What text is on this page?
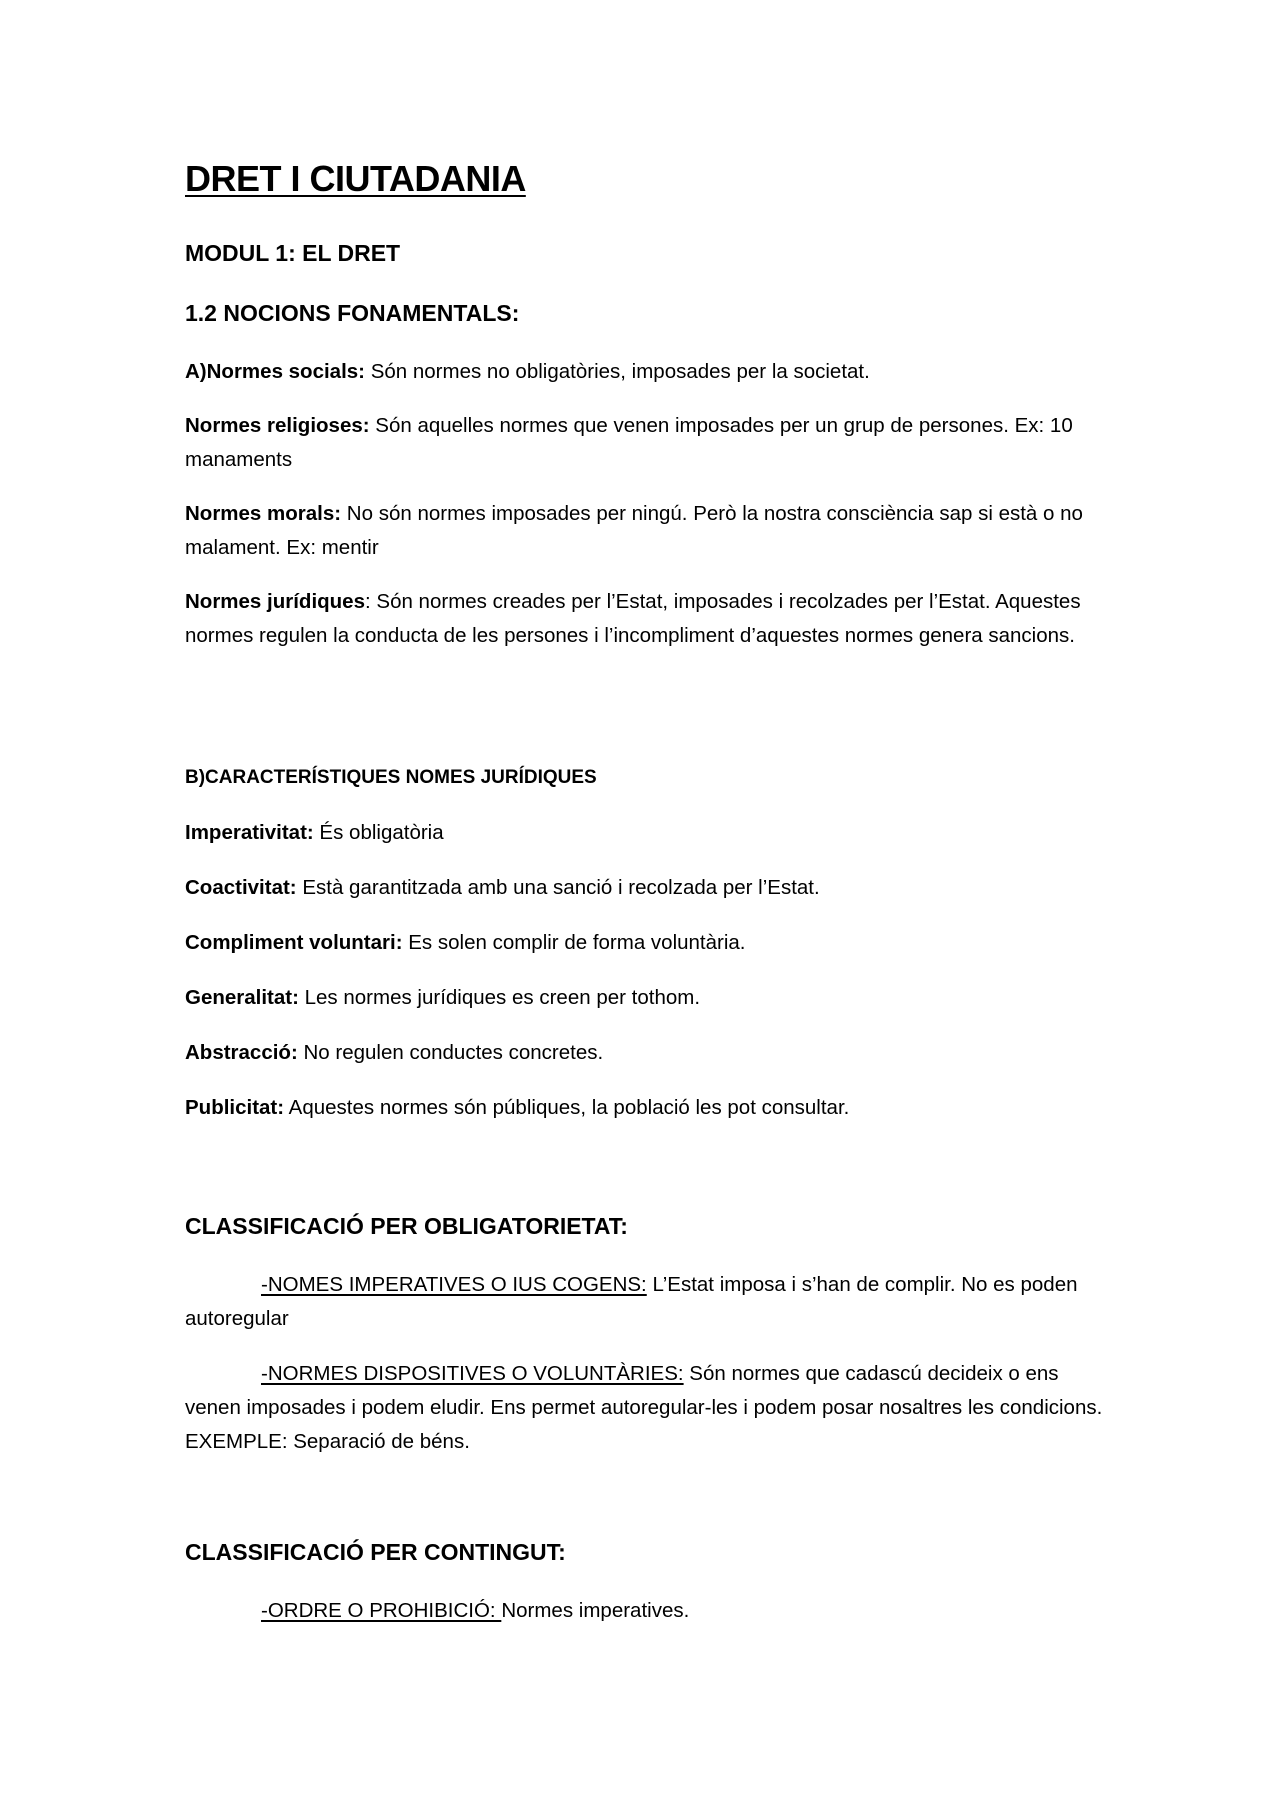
DRET I CIUTADANIA
MODUL 1: EL DRET
1.2 NOCIONS FONAMENTALS:

A)Normes socials: Són normes no obligatòries, imposades per la societat.

Normes religioses: Són aquelles normes que venen imposades per un grup de persones. Ex: 10 manaments

Normes morals: No són normes imposades per ningú. Però la nostra consciència sap si està o no malament. Ex: mentir

Normes jurídiques: Són normes creades per l’Estat, imposades i recolzades per l’Estat. Aquestes normes regulen la conducta de les persones i l’incompliment d’aquestes normes genera sancions.

B)CARACTERÍSTIQUES NOMES JURÍDIQUES

Imperativitat: És obligatòria

Coactivitat: Està garantitzada amb una sanció i recolzada per l’Estat.

Compliment voluntari: Es solen complir de forma voluntària.

Generalitat: Les normes jurídiques es creen per tothom.

Abstracció: No regulen conductes concretes.

Publicitat: Aquestes normes són públiques, la població les pot consultar.

CLASSIFICACIÓ PER OBLIGATORIETAT:

-NOMES IMPERATIVES O IUS COGENS: L’Estat imposa i s’han de complir. No es poden autoregular

-NORMES DISPOSITIVES O VOLUNTÀRIES: Són normes que cadascú decideix o ens venen imposades i podem eludir. Ens permet autoregular-les i podem posar nosaltres les condicions. EXEMPLE: Separació de béns.

CLASSIFICACIÓ PER CONTINGUT:

-ORDRE O PROHIBICIÓ: Normes imperatives.
